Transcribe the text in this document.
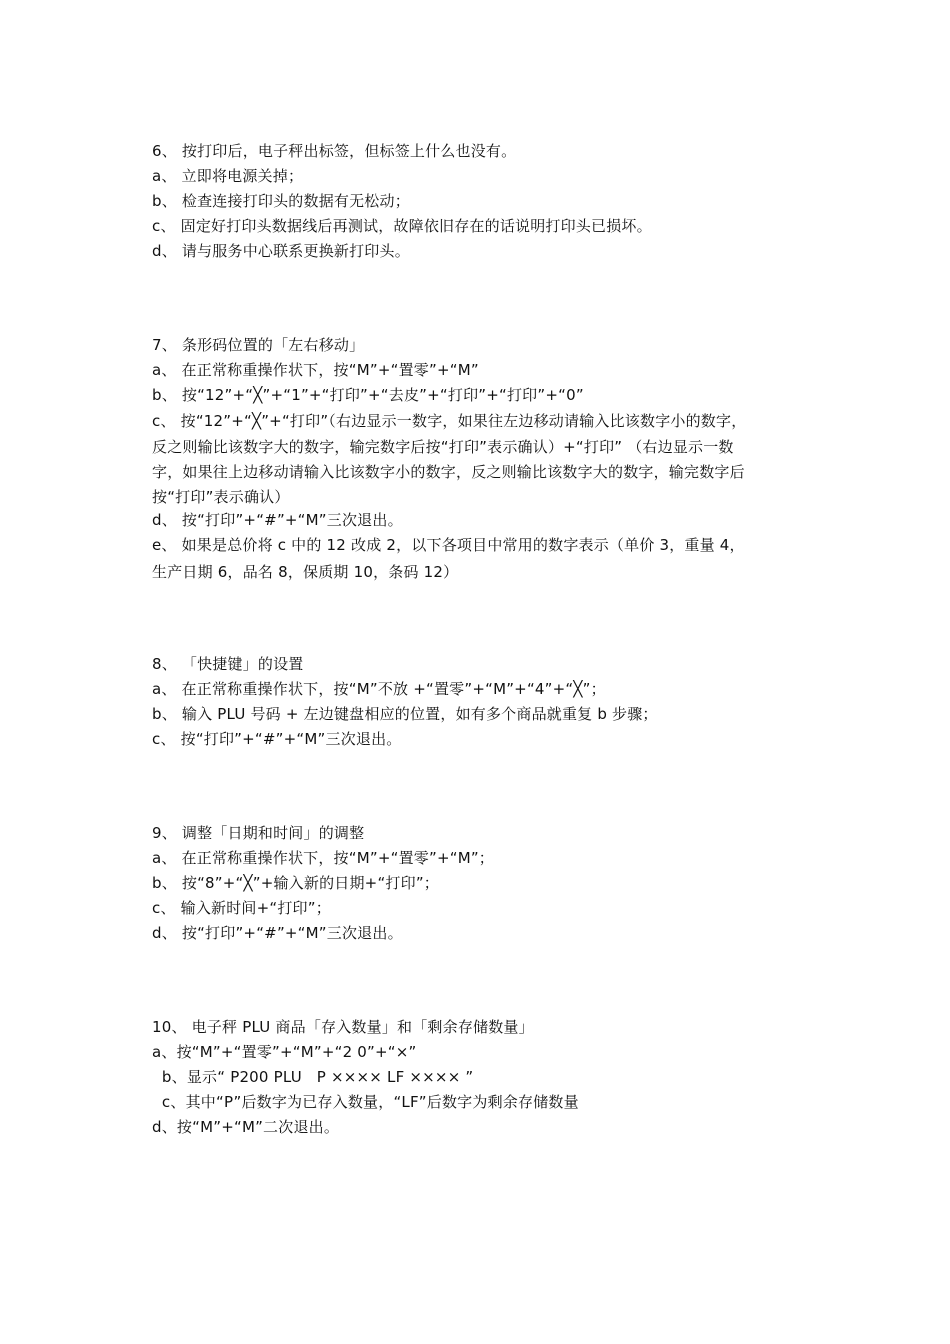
6、 按打印后，电子秤出标签，但标签上什么也没有。
a、 立即将电源关掉；
b、 检查连接打印头的数据有无松动；
c、 固定好打印头数据线后再测试，故障依旧存在的话说明打印头已损坏。
d、 请与服务中心联系更换新打印头。
7、 条形码位置的「左右移动」
a、 在正常称重操作状下，按“M”+“置零”+“M”
b、 按“12”+“╳”+“1”+“打印”+“去皮”+“打印”+“打印”+“0”
c、 按“12”+“╳”+“打印”（右边显示一数字，如果往左边移动请输入比该数字小的数字，
反之则输比该数字大的数字，输完数字后按“打印”表示确认）+“打印” （右边显示一数
字，如果往上边移动请输入比该数字小的数字，反之则输比该数字大的数字，输完数字后
按“打印”表示确认）
d、 按“打印”+“#”+“M”三次退出。
e、 如果是总价将 c 中的 12 改成 2，以下各项目中常用的数字表示（单价 3，重量 4，
生产日期 6，品名 8，保质期 10，条码 12）
8、 「快捷键」的设置
a、 在正常称重操作状下，按“M”不放 +“置零”+“M”+“4”+“╳”；
b、 输入 PLU 号码 + 左边键盘相应的位置，如有多个商品就重复 b 步骤；
c、 按“打印”+“#”+“M”三次退出。
9、 调整「日期和时间」的调整
a、 在正常称重操作状下，按“M”+“置零”+“M”；
b、 按“8”+“╳”+输入新的日期+“打印”；
c、 输入新时间+“打印”；
d、 按“打印”+“#”+“M”三次退出。
10、 电子秤 PLU 商品「存入数量」和「剩余存储数量」
a、按“M”+“置零”+“M”+“2 0”+“×”
b、显示“ P200 PLU   P ×××× LF ×××× ”
c、其中“P”后数字为已存入数量，“LF”后数字为剩余存储数量
d、按“M”+“M”二次退出。
